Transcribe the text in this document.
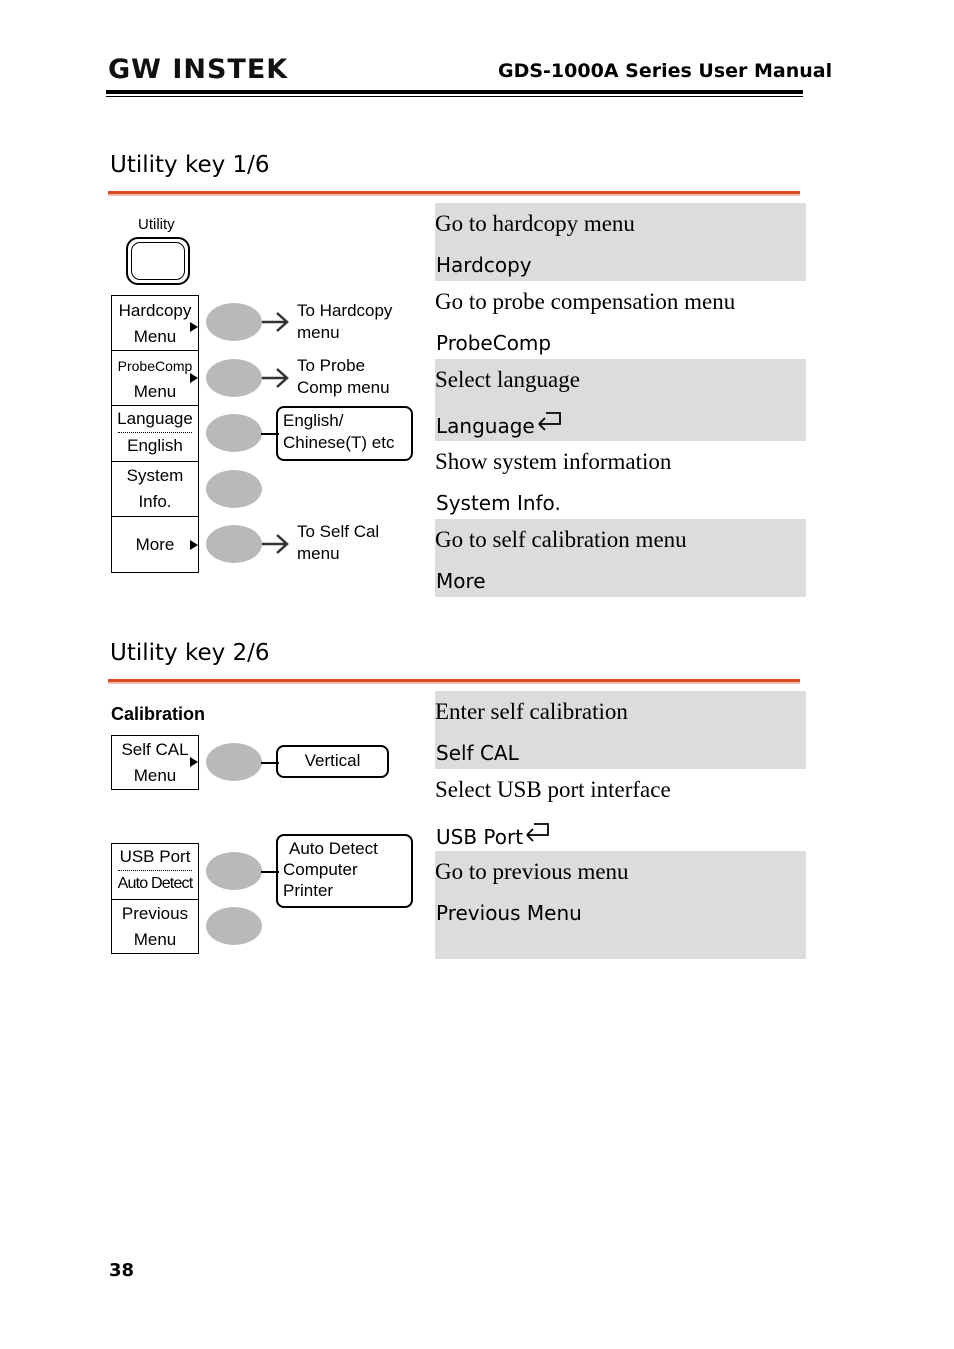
GW INSTEK	GDS-1000A Series User Manual
Utility key 1/6
Utility
Hardcopy
Menu
ProbeComp
Menu
Language
English
System
Info.
More
To Hardcopy
menu
To Probe
Comp menu
English/
Chinese(T) etc
To Self Cal
menu
Go to hardcopy menu
Hardcopy
Go to probe compensation menu
ProbeComp
Select language
Language
Show system information
System Info.
Go to self calibration menu
More
Utility key 2/6
Calibration
Self CAL
Menu
Vertical
USB Port
Auto Detect
Previous
Menu
Auto Detect
Computer
Printer
Enter self calibration
Self CAL
Select USB port interface
USB Port
Go to previous menu
Previous Menu
38
